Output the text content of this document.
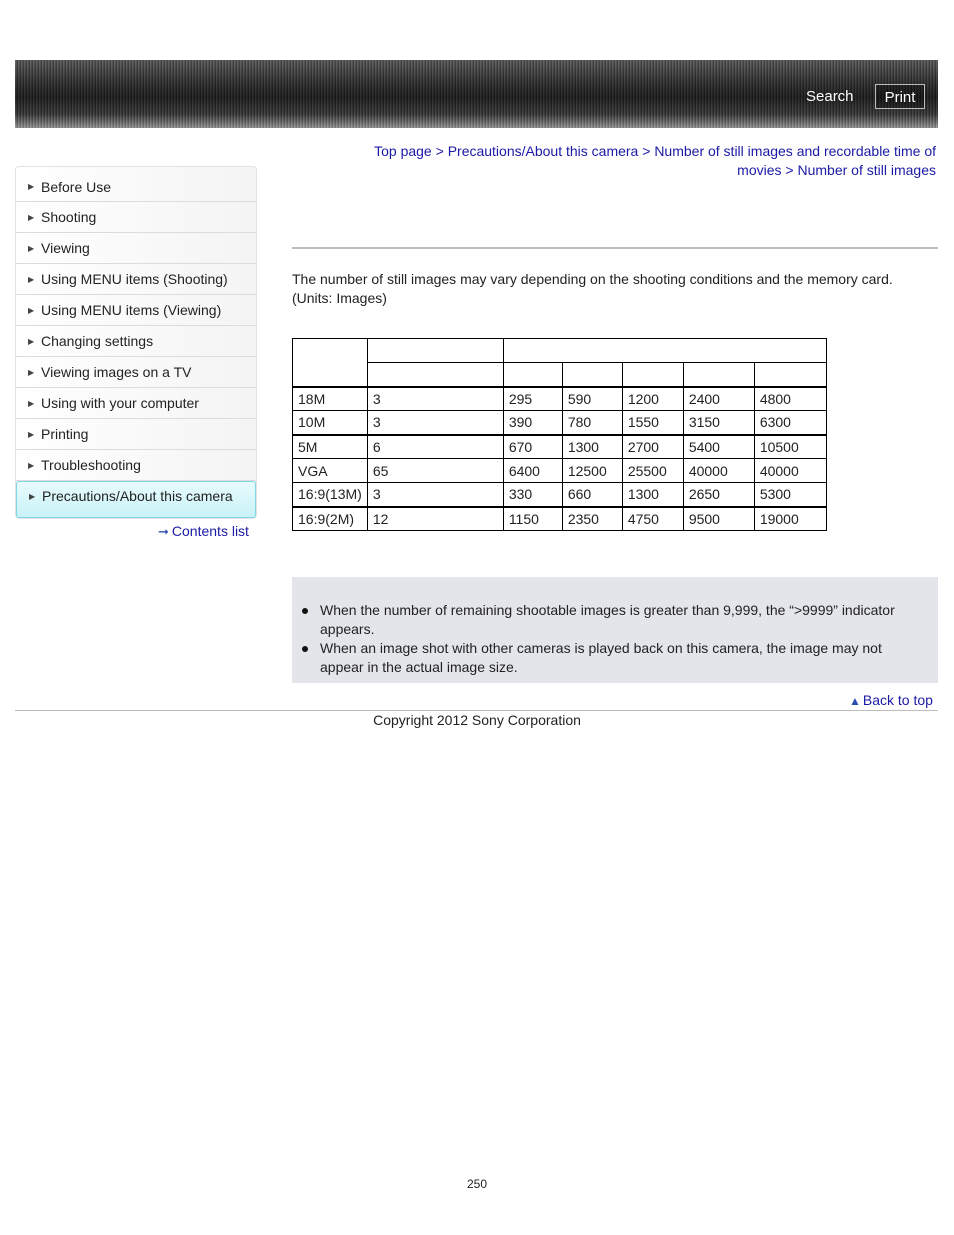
Search	Print
Top page > Precautions/About this camera > Number of still images and recordable time of movies > Number of still images
▶ Before Use
▶ Shooting
▶ Viewing
▶ Using MENU items (Shooting)
▶ Using MENU items (Viewing)
▶ Changing settings
▶ Viewing images on a TV
▶ Using with your computer
▶ Printing
▶ Troubleshooting
▶ Precautions/About this camera
➞ Contents list
The number of still images may vary depending on the shooting conditions and the memory card.
(Units: Images)

18M	3	295	590	1200	2400	4800
10M	3	390	780	1550	3150	6300
5M	6	670	1300	2700	5400	10500
VGA	65	6400	12500	25500	40000	40000
16:9(13M)	3	330	660	1300	2650	5300
16:9(2M)	12	1150	2350	4750	9500	19000
When the number of remaining shootable images is greater than 9,999, the “>9999” indicator appears.
When an image shot with other cameras is played back on this camera, the image may not appear in the actual image size.
▲ Back to top
Copyright 2012 Sony Corporation
250
